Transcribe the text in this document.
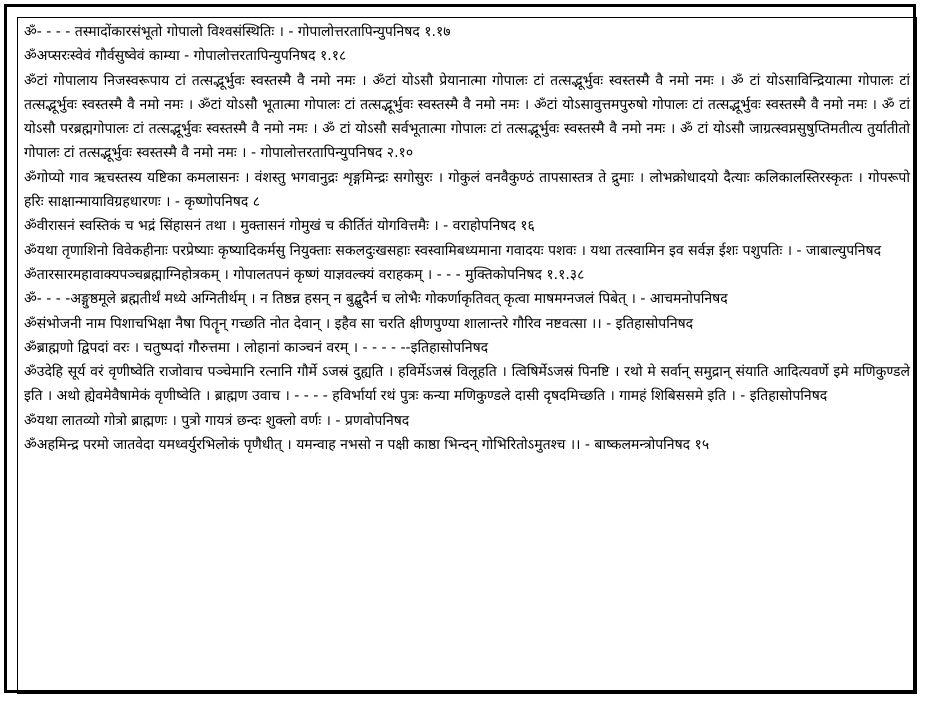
ॐ- - - - तस्मादोंकारसंभूतो गोपालो विश्वसंस्थितिः । - गोपालोत्तरतापिन्युपनिषद १.१७

ॐअप्सरःस्वेवं गौर्वसुष्वेवं काम्या - गोपालोत्तरतापिन्युपनिषद १.१८

ॐटां गोपालाय निजस्वरूपाय टां तत्सद्भूर्भुवः स्वस्तस्मै वै नमो नमः । ॐटां योऽसौ प्रेयानात्मा गोपालः टां तत्सद्भूर्भुवः स्वस्तस्मै वै नमो नमः । ॐ टां योऽसाविन्द्रियात्मा गोपालः टां तत्सद्भूर्भुवः स्वस्तस्मै वै नमो नमः । ॐटां योऽसौ भूतात्मा गोपालः टां तत्सद्भूर्भुवः स्वस्तस्मै वै नमो नमः । ॐटां योऽसावुत्तमपुरुषो गोपालः टां तत्सद्भूर्भुवः स्वस्तस्मै वै नमो नमः । ॐ टां योऽसौ परब्रह्मगोपालः टां तत्सद्भूर्भुवः स्वस्तस्मै वै नमो नमः । ॐ टां योऽसौ सर्वभूतात्मा गोपालः टां तत्सद्भूर्भुवः स्वस्तस्मै वै नमो नमः । ॐ टां योऽसौ जाग्रत्स्वप्नसुषुप्तिमतीत्य तुर्यातीतो गोपालः टां तत्सद्भूर्भुवः स्वस्तस्मै वै नमो नमः । - गोपालोत्तरतापिन्युपनिषद २.१०

ॐगोप्यो गाव ऋचस्तस्य यष्टिका कमलासनः । वंशस्तु भगवानुद्रः शृङ्गमिन्द्रः सगोसुरः । गोकुलं वनवैकुण्ठं तापसास्तत्र ते द्रुमाः । लोभक्रोधादयो दैत्याः कलिकालस्तिरस्कृतः । गोपरूपो हरिः साक्षान्मायाविग्रहधारणः । - कृष्णोपनिषद ८

ॐवीरासनं स्वस्तिकं च भद्रं सिंहासनं तथा । मुक्तासनं गोमुखं च कीर्तितं योगवित्तमैः । - वराहोपनिषद १६

ॐयथा तृणाशिनो विवेकहीनाः परप्रेष्याः कृष्यादिकर्मसु नियुक्ताः सकलदुःखसहाः स्वस्वामिबध्यमाना गवादयः पशवः । यथा तत्स्वामिन इव सर्वज्ञ ईशः पशुपतिः । - जाबाल्युपनिषद

ॐतारसारमहावाक्यपञ्चब्रह्माग्निहोत्रकम् । गोपालतपनं कृष्णं याज्ञवल्क्यं वराहकम् । - - - मुक्तिकोपनिषद १.१.३८

ॐ- - - -अङ्गुष्ठमूले ब्रह्मतीर्थं मध्ये अग्नितीर्थम् । न तिष्ठन्न हसन् न बुद्बुदैर्न च लोभैः गोकर्णाकृतिवत् कृत्वा माषमग्नजलं पिबेत् । - आचमनोपनिषद

ॐसंभोजनी नाम पिशाचभिक्षा नैषा पितॄन् गच्छति नोत देवान् । इहैव सा चरति क्षीणपुण्या शालान्तरे गौरिव नष्टवत्सा ।। - इतिहासोपनिषद

ॐब्राह्मणो द्विपदां वरः । चतुष्पदां गौरुत्तमा । लोहानां काञ्चनं वरम् । - - - - --इतिहासोपनिषद

ॐउदेहि सूर्य वरं वृणीष्वेति राजोवाच पञ्चेमानि रत्नानि गौर्मे ऽजस्रं दुह्यति । हविर्मेऽजस्रं विलूहति । त्विषिर्मेऽजस्रं पिनष्टि । रथो मे सर्वान् समुद्रान् संयाति आदित्यवर्णे इमे मणिकुण्डले इति । अथो ह्येवमेवैषामेकं वृणीष्वेति । ब्राह्मण उवाच । - - - - हविर्भार्या रथं पुत्रः कन्या मणिकुण्डले दासी दृषदमिच्छति । गामहं शिबिससमे इति । - इतिहासोपनिषद

ॐयथा लातव्यो गोत्रो ब्राह्मणः । पुत्रो गायत्रं छन्दः शुक्लो वर्णः । - प्रणवोपनिषद

ॐअहमिन्द्र परमो जातवेदा यमध्वर्युरभिलोकं पृणैधीत् । यमन्वाह नभसो न पक्षी काष्ठा भिन्दन् गोभिरितोऽमुतश्च ।। - बाष्कलमन्त्रोपनिषद १५
